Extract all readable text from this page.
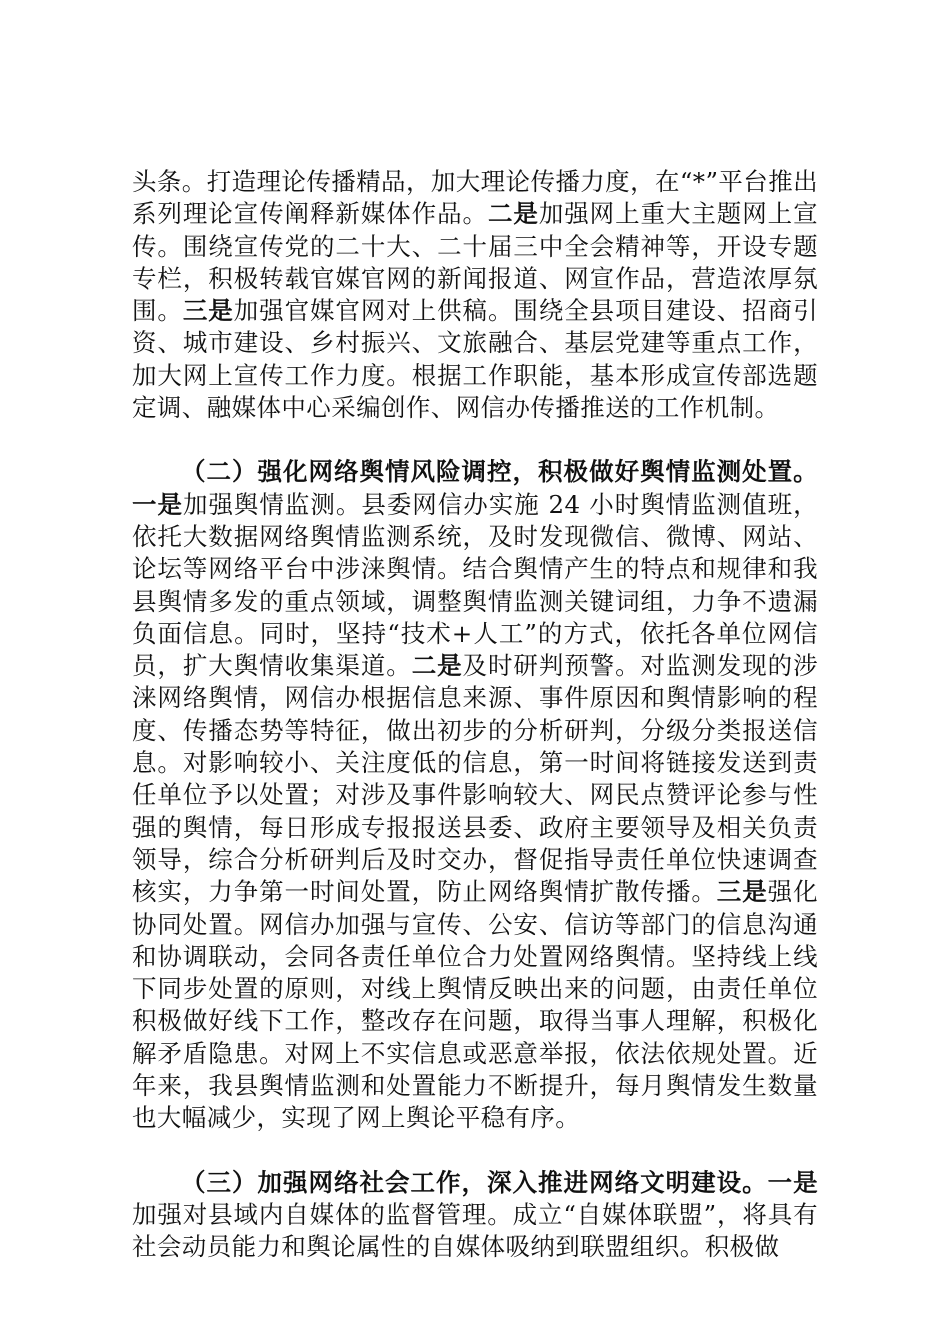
头条。打造理论传播精品，加大理论传播力度，在“*”平台推出系列理论宣传阐释新媒体作品。二是加强网上重大主题网上宣传。围绕宣传党的二十大、二十届三中全会精神等，开设专题专栏，积极转载官媒官网的新闻报道、网宣作品，营造浓厚氛围。三是加强官媒官网对上供稿。围绕全县项目建设、招商引资、城市建设、乡村振兴、文旅融合、基层党建等重点工作，加大网上宣传工作力度。根据工作职能，基本形成宣传部选题定调、融媒体中心采编创作、网信办传播推送的工作机制。

（二）强化网络舆情风险调控，积极做好舆情监测处置。一是加强舆情监测。县委网信办实施 24 小时舆情监测值班，依托大数据网络舆情监测系统，及时发现微信、微博、网站、论坛等网络平台中涉涞舆情。结合舆情产生的特点和规律和我县舆情多发的重点领域，调整舆情监测关键词组，力争不遗漏负面信息。同时，坚持“技术+人工”的方式，依托各单位网信员，扩大舆情收集渠道。二是及时研判预警。对监测发现的涉涞网络舆情，网信办根据信息来源、事件原因和舆情影响的程度、传播态势等特征，做出初步的分析研判，分级分类报送信息。对影响较小、关注度低的信息，第一时间将链接发送到责任单位予以处置；对涉及事件影响较大、网民点赞评论参与性强的舆情，每日形成专报报送县委、政府主要领导及相关负责领导，综合分析研判后及时交办，督促指导责任单位快速调查核实，力争第一时间处置，防止网络舆情扩散传播。三是强化协同处置。网信办加强与宣传、公安、信访等部门的信息沟通和协调联动，会同各责任单位合力处置网络舆情。坚持线上线下同步处置的原则，对线上舆情反映出来的问题，由责任单位积极做好线下工作，整改存在问题，取得当事人理解，积极化解矛盾隐患。对网上不实信息或恶意举报，依法依规处置。近年来，我县舆情监测和处置能力不断提升，每月舆情发生数量也大幅减少，实现了网上舆论平稳有序。

（三）加强网络社会工作，深入推进网络文明建设。一是加强对县域内自媒体的监督管理。成立“自媒体联盟”，将具有社会动员能力和舆论属性的自媒体吸纳到联盟组织。积极做
